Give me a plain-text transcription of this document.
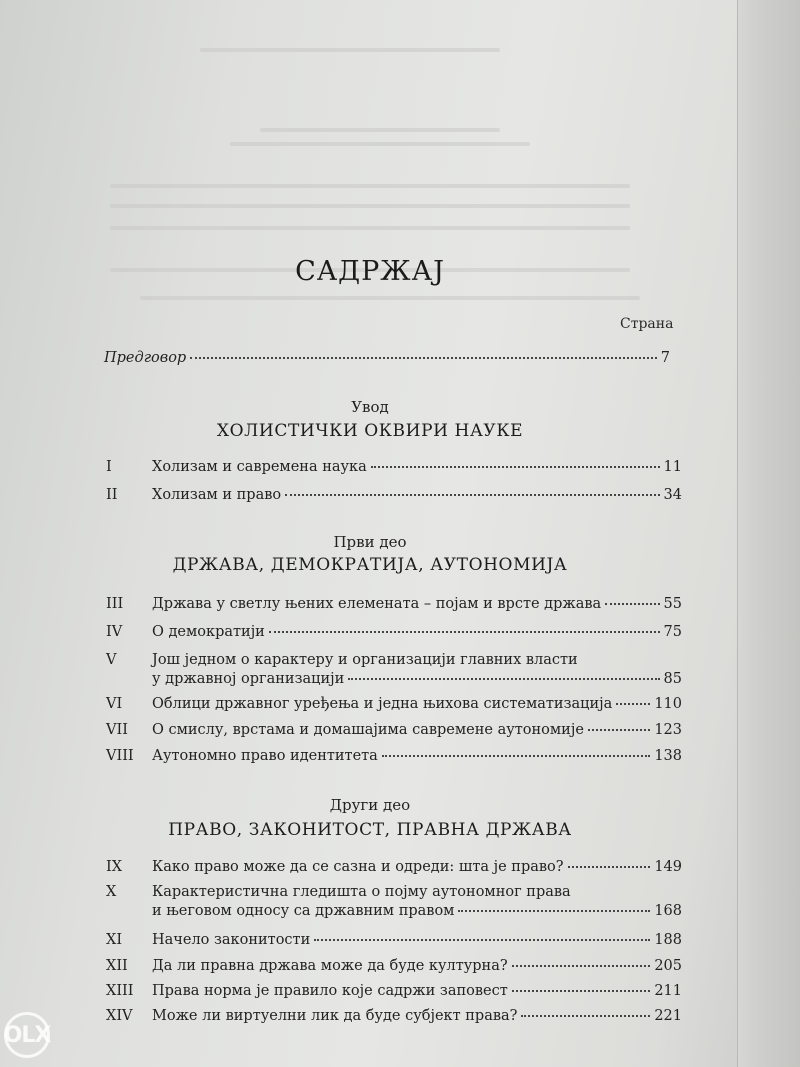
САДРЖАЈ
Страна
Предговор	7
Увод
ХОЛИСТИЧКИ ОКВИРИ НАУКЕ
I	Холизам и савремена наука	11
II	Холизам и право	34
Први део
ДРЖАВА, ДЕМОКРАТИЈА, АУТОНОМИЈА
III	Држава у светлу њених елемената – појам и врсте држава	55
IV	О демократији	75
V	Још једном о карактеру и организацији главних власти
у државној организацији	85
VI	Облици државног уређења и једна њихова систематизација	110
VII	О смислу, врстама и домашајима савремене аутономије	123
VIII	Аутономно право идентитета	138
Други део
ПРАВО, ЗАКОНИТОСТ, ПРАВНА ДРЖАВА
IX	Како право може да се сазна и одреди: шта је право?	149
X	Карактеристична гледишта о појму аутономног права
и његовом односу са државним правом	168
XI	Начело законитости	188
XII	Да ли правна држава може да буде културна?	205
XIII	Права норма је правило које садржи заповест	211
XIV	Може ли виртуелни лик да буде субјект права?	221
OLX
